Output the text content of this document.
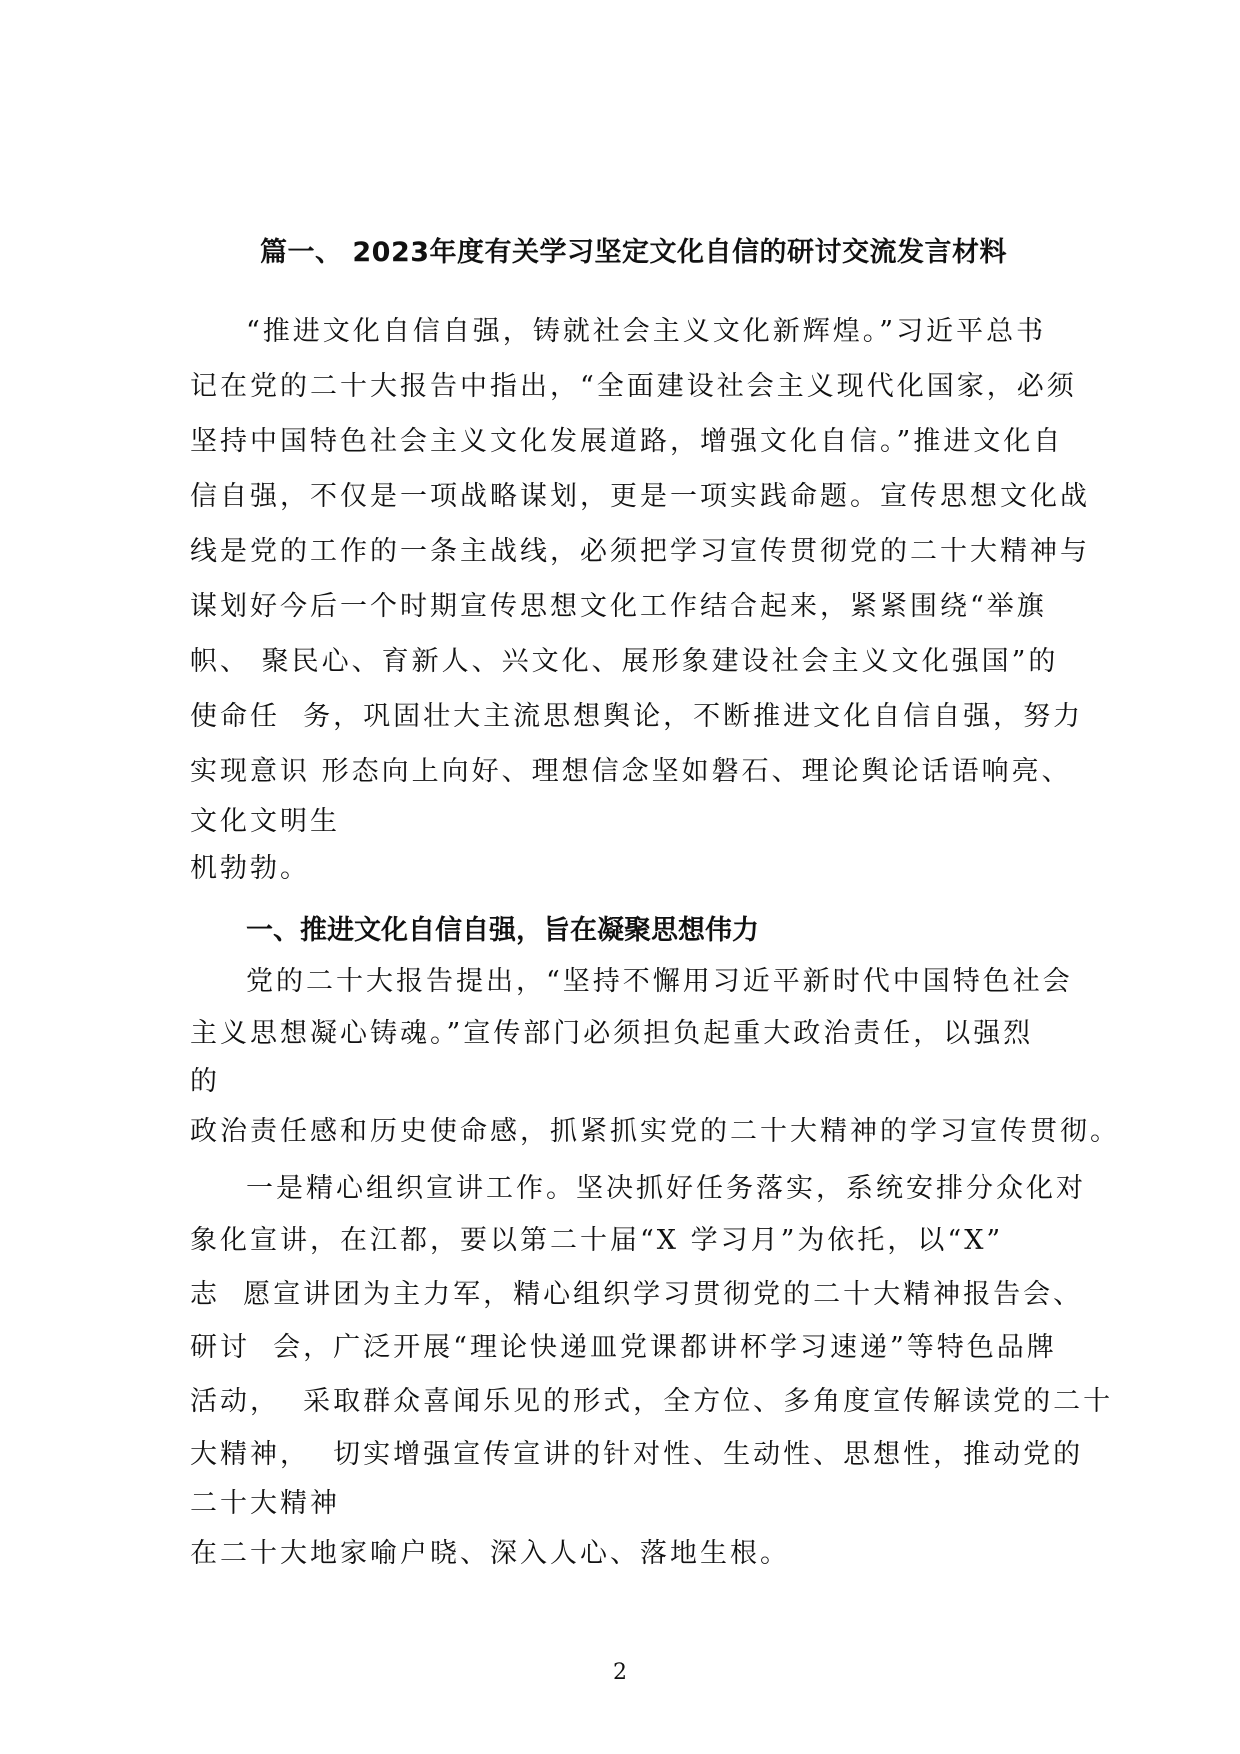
篇一、 2023年度有关学习坚定文化自信的研讨交流发言材料
“推进文化自信自强，铸就社会主义文化新辉煌。”习近平总书
记在党的二十大报告中指出，“全面建设社会主义现代化国家，必须
坚持中国特色社会主义文化发展道路，增强文化自信。”推进文化自
信自强，不仅是一项战略谋划，更是一项实践命题。宣传思想文化战
线是党的工作的一条主战线，必须把学习宣传贯彻党的二十大精神与
谋划好今后一个时期宣传思想文化工作结合起来，紧紧围绕“举旗
帜、 聚民心、育新人、兴文化、展形象建设社会主义文化强国”的
使命任  务，巩固壮大主流思想舆论，不断推进文化自信自强，努力
实现意识 形态向上向好、理想信念坚如磐石、理论舆论话语响亮、
文化文明生
机勃勃。
一、推进文化自信自强，旨在凝聚思想伟力
党的二十大报告提出，“坚持不懈用习近平新时代中国特色社会
主义思想凝心铸魂。”宣传部门必须担负起重大政治责任，以强烈
的
政治责任感和历史使命感，抓紧抓实党的二十大精神的学习宣传贯彻。
一是精心组织宣讲工作。坚决抓好任务落实，系统安排分众化对
象化宣讲，在江都，要以第二十届“X 学习月”为依托，以“X”
志  愿宣讲团为主力军，精心组织学习贯彻党的二十大精神报告会、
研讨  会，广泛开展“理论快递皿党课都讲杯学习速递”等特色品牌
活动，  采取群众喜闻乐见的形式，全方位、多角度宣传解读党的二十
大精神，  切实增强宣传宣讲的针对性、生动性、思想性，推动党的
二十大精神
在二十大地家喻户晓、深入人心、落地生根。
2
